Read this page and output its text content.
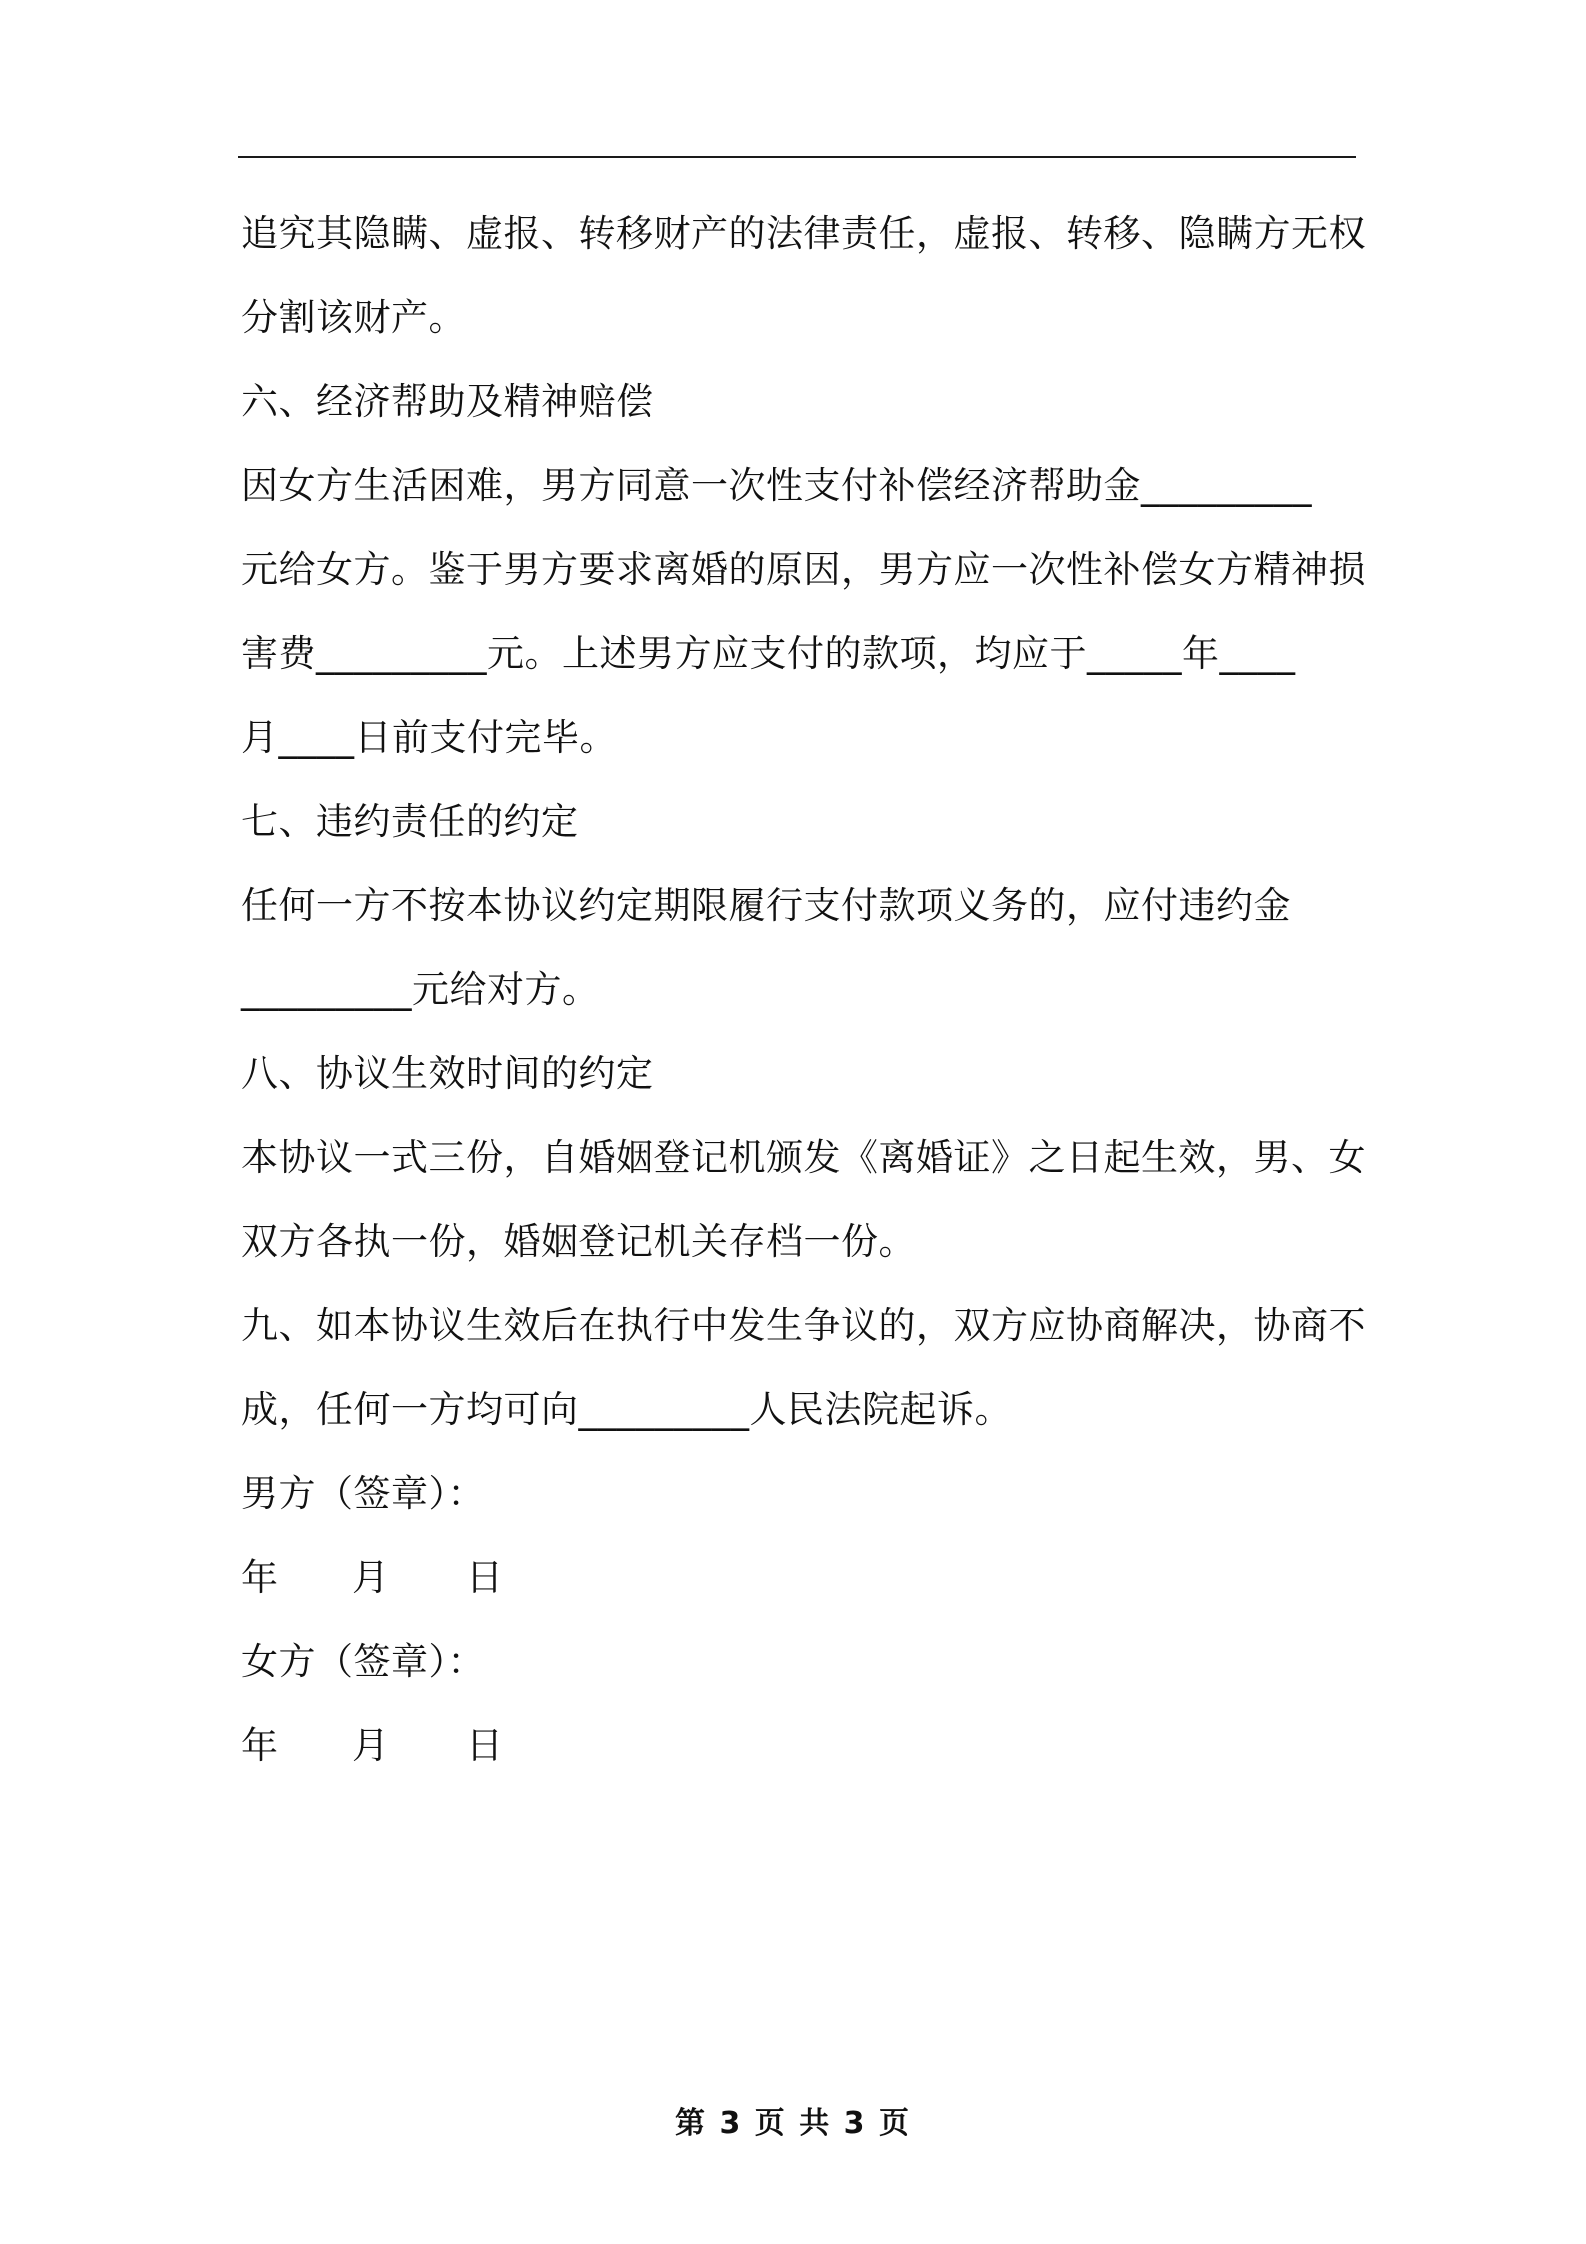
追究其隐瞒、虚报、转移财产的法律责任，虚报、转移、隐瞒方无权
分割该财产。
六、经济帮助及精神赔偿
因女方生活困难，男方同意一次性支付补偿经济帮助金_________
元给女方。鉴于男方要求离婚的原因，男方应一次性补偿女方精神损
害费_________元。上述男方应支付的款项，均应于_____年____
月____日前支付完毕。
七、违约责任的约定
任何一方不按本协议约定期限履行支付款项义务的，应付违约金
_________元给对方。
八、协议生效时间的约定
本协议一式三份，自婚姻登记机颁发《离婚证》之日起生效，男、女
双方各执一份，婚姻登记机关存档一份。
九、如本协议生效后在执行中发生争议的，双方应协商解决，协商不
成，任何一方均可向_________人民法院起诉。
男方（签章）：
年 月 日
女方（签章）：
年 月 日
第 3 页 共 3 页
